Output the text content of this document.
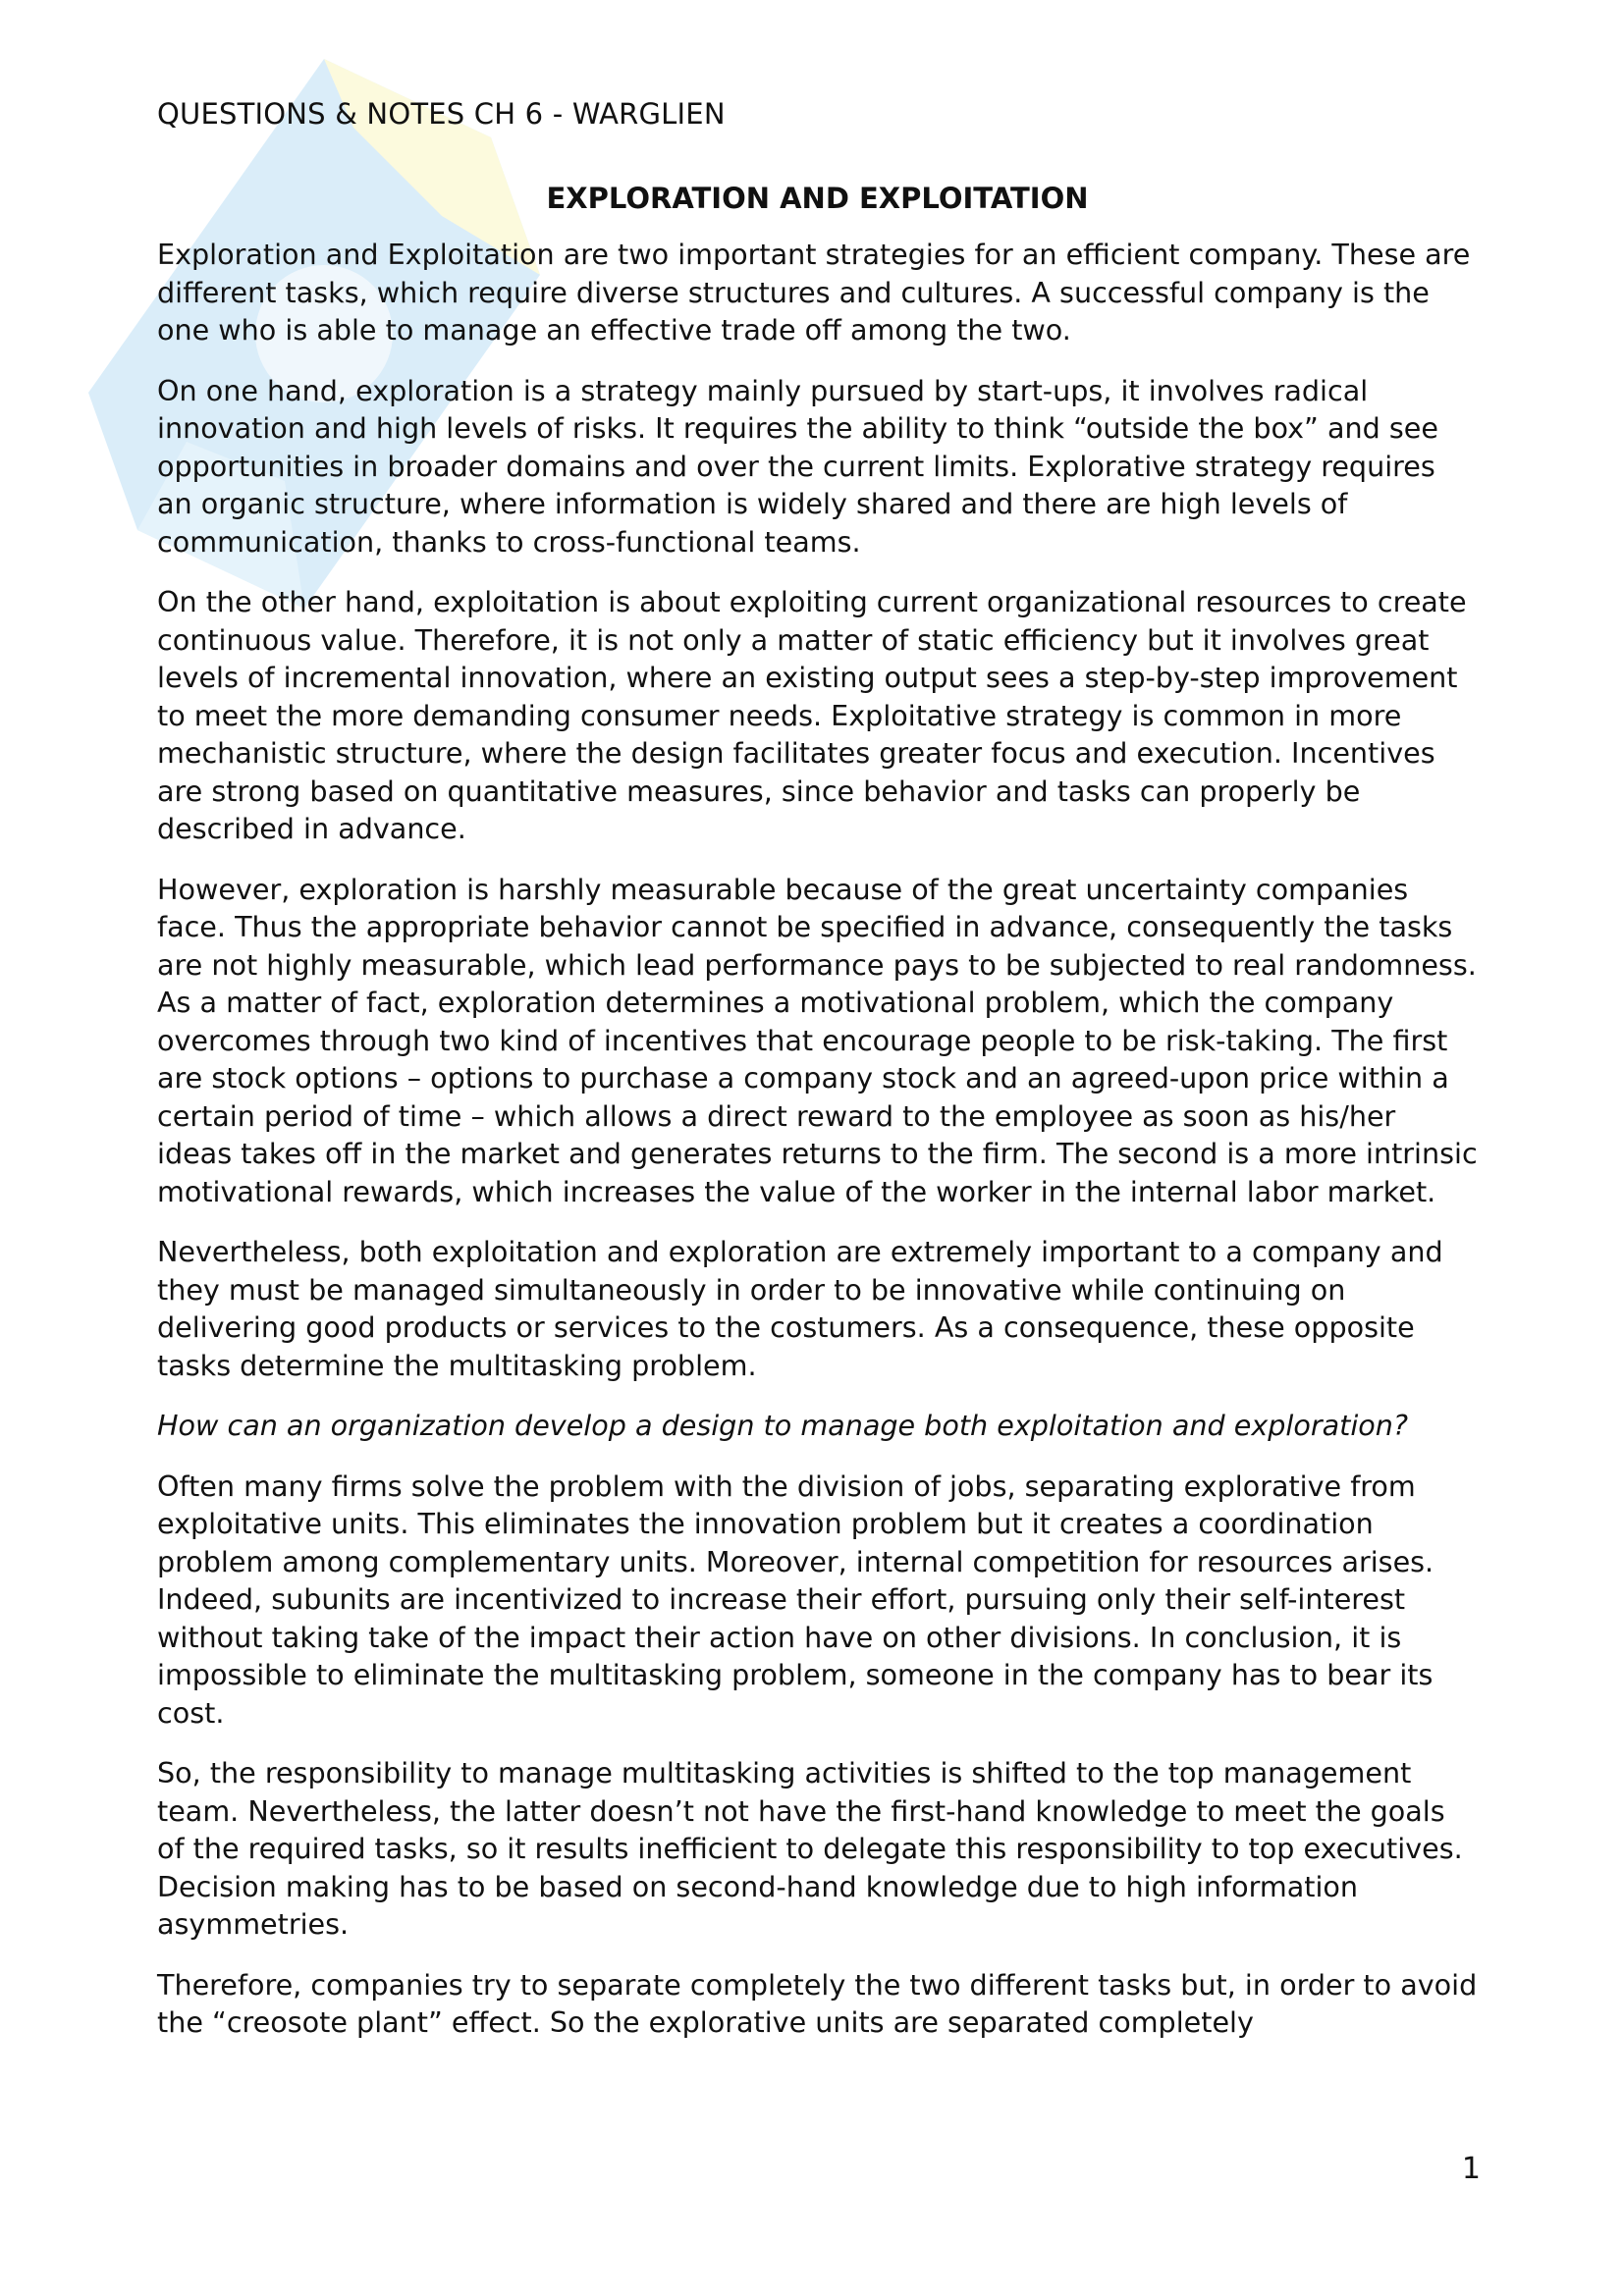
QUESTIONS & NOTES CH 6 - WARGLIEN
EXPLORATION AND EXPLOITATION

Exploration and Exploitation are two important strategies for an efficient company. These are different tasks, which require diverse structures and cultures. A successful company is the one who is able to manage an effective trade off among the two.

On one hand, exploration is a strategy mainly pursued by start-ups, it involves radical innovation and high levels of risks. It requires the ability to think “outside the box” and see opportunities in broader domains and over the current limits. Explorative strategy requires an organic structure, where information is widely shared and there are high levels of communication, thanks to cross-functional teams.

On the other hand, exploitation is about exploiting current organizational resources to create continuous value. Therefore, it is not only a matter of static efficiency but it involves great levels of incremental innovation, where an existing output sees a step-by-step improvement to meet the more demanding consumer needs. Exploitative strategy is common in more mechanistic structure, where the design facilitates greater focus and execution. Incentives are strong based on quantitative measures, since behavior and tasks can properly be described in advance.

However, exploration is harshly measurable because of the great uncertainty companies face. Thus the appropriate behavior cannot be specified in advance, consequently the tasks are not highly measurable, which lead performance pays to be subjected to real randomness. As a matter of fact, exploration determines a motivational problem, which the company overcomes through two kind of incentives that encourage people to be risk-taking. The first are stock options – options to purchase a company stock and an agreed-upon price within a certain period of time – which allows a direct reward to the employee as soon as his/her ideas takes off in the market and generates returns to the firm. The second is a more intrinsic motivational rewards, which increases the value of the worker in the internal labor market.

Nevertheless, both exploitation and exploration are extremely important to a company and they must be managed simultaneously in order to be innovative while continuing on delivering good products or services to the costumers. As a consequence, these opposite tasks determine the multitasking problem.

How can an organization develop a design to manage both exploitation and exploration?

Often many firms solve the problem with the division of jobs, separating explorative from exploitative units. This eliminates the innovation problem but it creates a coordination problem among complementary units. Moreover, internal competition for resources arises. Indeed, subunits are incentivized to increase their effort, pursuing only their self-interest without taking take of the impact their action have on other divisions. In conclusion, it is impossible to eliminate the multitasking problem, someone in the company has to bear its cost.

So, the responsibility to manage multitasking activities is shifted to the top management team. Nevertheless, the latter doesn’t not have the first-hand knowledge to meet the goals of the required tasks, so it results inefficient to delegate this responsibility to top executives. Decision making has to be based on second-hand knowledge due to high information asymmetries.

Therefore, companies try to separate completely the two different tasks but, in order to avoid the “creosote plant” effect. So the explorative units are separated completely

1
